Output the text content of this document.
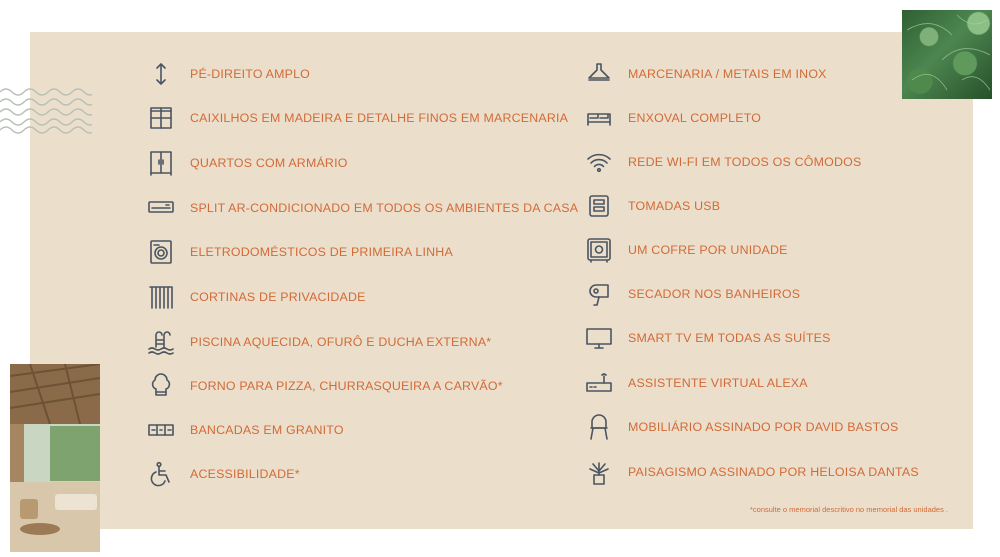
PÉ-DIREITO AMPLO
CAIXILHOS EM MADEIRA E DETALHE FINOS EM MARCENARIA
QUARTOS COM ARMÁRIO
SPLIT AR-CONDICIONADO EM TODOS OS AMBIENTES DA CASA
ELETRODOMÉSTICOS DE PRIMEIRA LINHA
CORTINAS DE PRIVACIDADE
PISCINA AQUECIDA, OFURÔ E DUCHA EXTERNA*
FORNO PARA PIZZA, CHURRASQUEIRA A CARVÃO*
BANCADAS EM GRANITO
ACESSIBILIDADE*
MARCENARIA / METAIS EM INOX
ENXOVAL COMPLETO
REDE WI-FI EM TODOS OS CÔMODOS
TOMADAS USB
UM COFRE POR UNIDADE
SECADOR NOS BANHEIROS
SMART TV EM TODAS AS SUÍTES
ASSISTENTE VIRTUAL ALEXA
MOBILIÁRIO ASSINADO POR DAVID BASTOS
PAISAGISMO ASSINADO POR HELOISA DANTAS
*consulte o memorial descritivo no memorial das unidades .
